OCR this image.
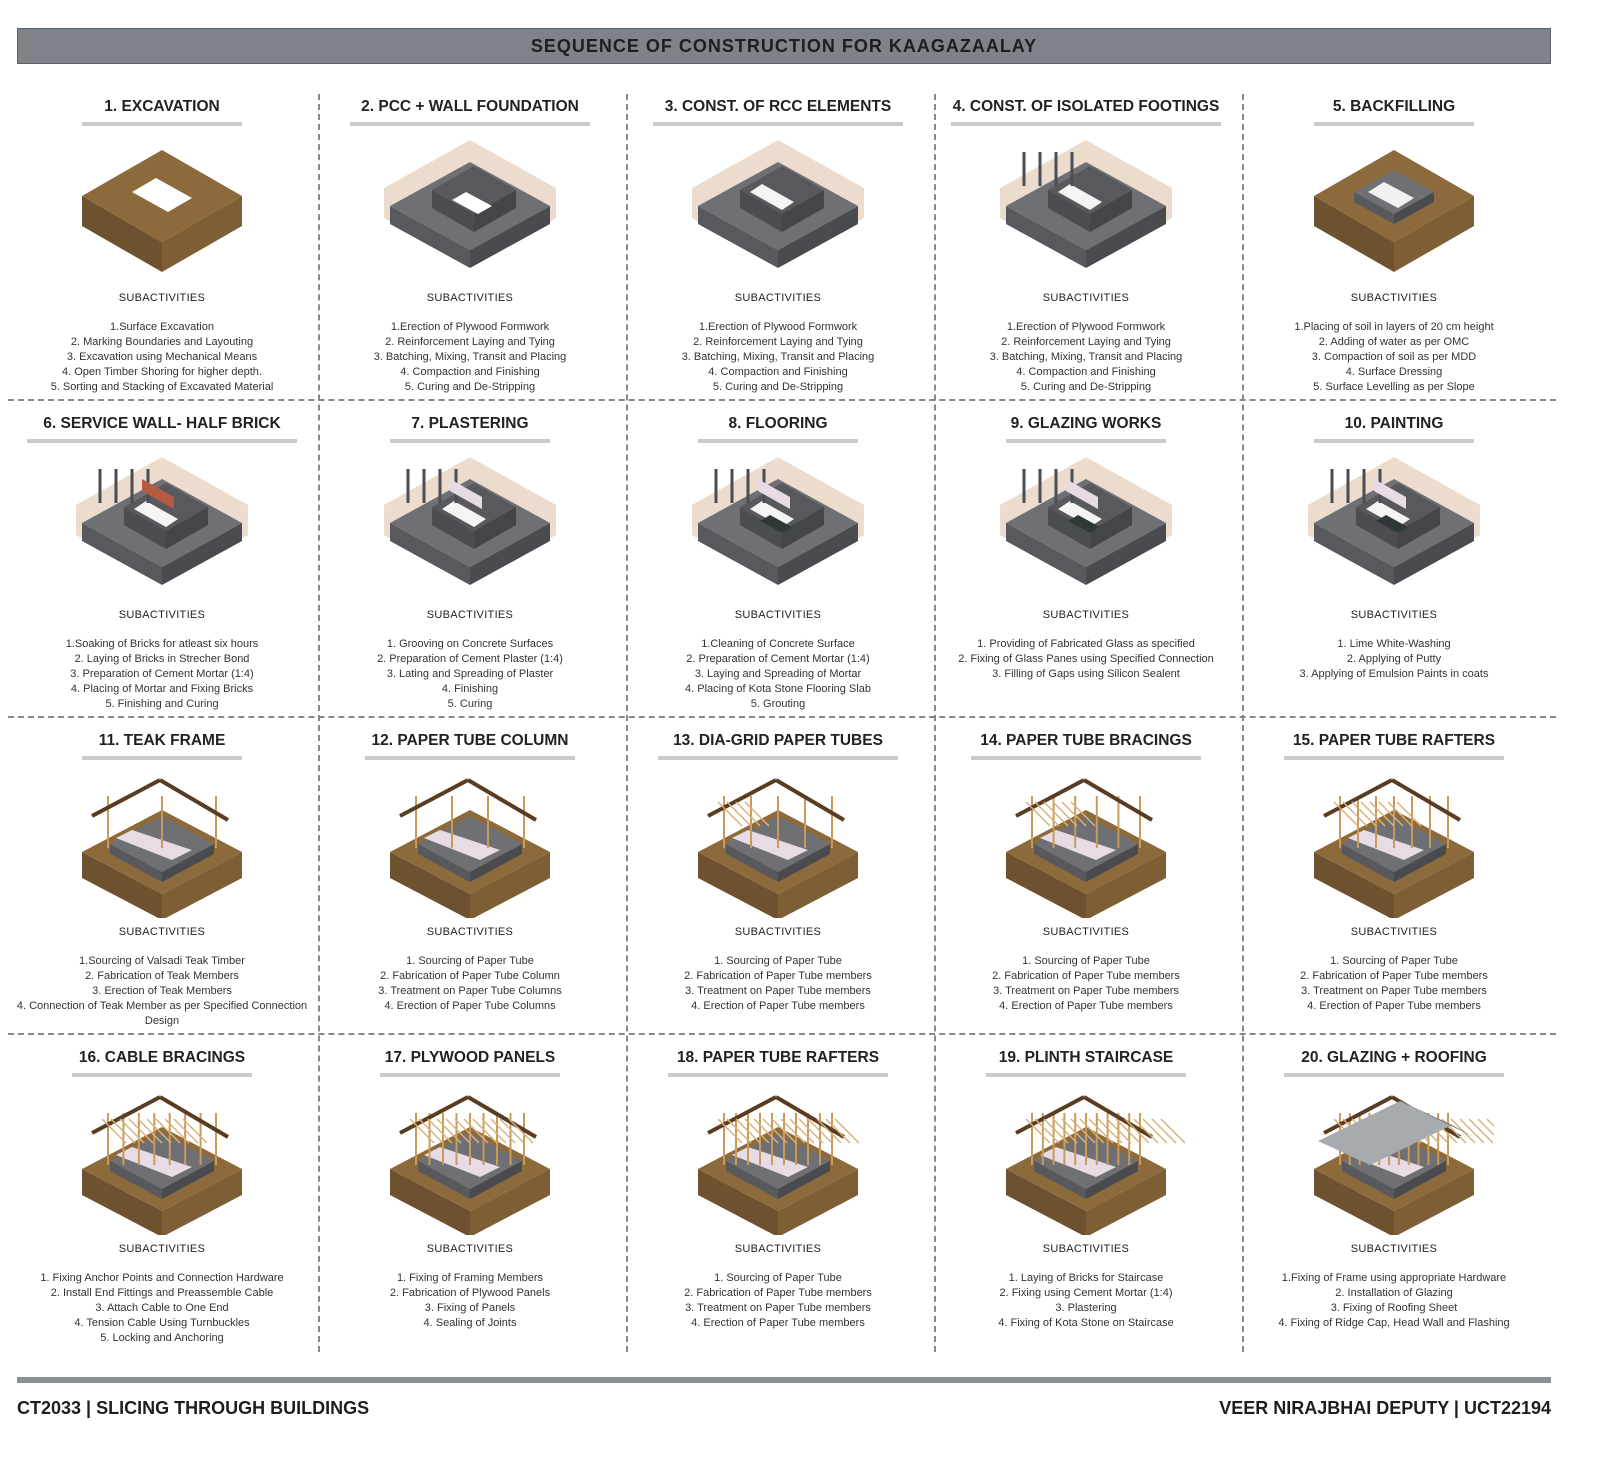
SEQUENCE OF CONSTRUCTION FOR KAAGAZAALAY
1. EXCAVATION
SUBACTIVITIES
1.Surface Excavation
2. Marking Boundaries and Layouting
3. Excavation using Mechanical Means
4. Open Timber Shoring for higher depth.
5. Sorting and Stacking of Excavated Material
2. PCC + WALL FOUNDATION
SUBACTIVITIES
1.Erection of Plywood Formwork
2. Reinforcement Laying and Tying
3. Batching, Mixing, Transit and Placing
4. Compaction and Finishing
5. Curing and De-Stripping
3. CONST. OF RCC ELEMENTS
SUBACTIVITIES
1.Erection of Plywood Formwork
2. Reinforcement Laying and Tying
3. Batching, Mixing, Transit and Placing
4. Compaction and Finishing
5. Curing and De-Stripping
4. CONST. OF ISOLATED FOOTINGS
SUBACTIVITIES
1.Erection of Plywood Formwork
2. Reinforcement Laying and Tying
3. Batching, Mixing, Transit and Placing
4. Compaction and Finishing
5. Curing and De-Stripping
5. BACKFILLING
SUBACTIVITIES
1.Placing of soil in layers of 20 cm height
2. Adding of water as per OMC
3. Compaction of soil as per MDD
4. Surface Dressing
5. Surface Levelling as per Slope
6. SERVICE WALL- HALF BRICK
SUBACTIVITIES
1.Soaking of Bricks for atleast six hours
2. Laying of Bricks in Strecher Bond
3. Preparation of Cement Mortar (1:4)
4. Placing of Mortar and Fixing Bricks
5. Finishing and Curing
7. PLASTERING
SUBACTIVITIES
1. Grooving on Concrete Surfaces
2. Preparation of Cement Plaster (1:4)
3. Lating and Spreading of Plaster
4. Finishing
5. Curing
8. FLOORING
SUBACTIVITIES
1.Cleaning of Concrete Surface
2. Preparation of Cement Mortar (1:4)
3. Laying and Spreading of Mortar
4. Placing of Kota Stone Flooring Slab
5. Grouting
9. GLAZING WORKS
SUBACTIVITIES
1. Providing of Fabricated Glass as specified
2. Fixing of Glass Panes using Specified Connection
3. Filling of Gaps using Silicon Sealent
10. PAINTING
SUBACTIVITIES
1. Lime White-Washing
2. Applying of Putty
3. Applying of Emulsion Paints in coats
11. TEAK FRAME
SUBACTIVITIES
1.Sourcing of Valsadi Teak Timber
2. Fabrication of Teak Members
3. Erection of Teak Members
4. Connection of Teak Member as per Specified Connection Design
12. PAPER TUBE COLUMN
SUBACTIVITIES
1. Sourcing of Paper Tube
2. Fabrication of Paper Tube Column
3. Treatment on Paper Tube Columns
4. Erection of Paper Tube Columns
13. DIA-GRID PAPER TUBES
SUBACTIVITIES
1. Sourcing of Paper Tube
2. Fabrication of Paper Tube members
3. Treatment on Paper Tube members
4. Erection of Paper Tube members
14. PAPER TUBE BRACINGS
SUBACTIVITIES
1. Sourcing of Paper Tube
2. Fabrication of Paper Tube members
3. Treatment on Paper Tube members
4. Erection of Paper Tube members
15. PAPER TUBE RAFTERS
SUBACTIVITIES
1. Sourcing of Paper Tube
2. Fabrication of Paper Tube members
3. Treatment on Paper Tube members
4. Erection of Paper Tube members
16. CABLE BRACINGS
SUBACTIVITIES
1. Fixing Anchor Points and Connection Hardware
2. Install End Fittings and Preassemble Cable
3. Attach Cable to One End
4. Tension Cable Using Turnbuckles
5. Locking and Anchoring
17. PLYWOOD PANELS
SUBACTIVITIES
1. Fixing of Framing Members
2. Fabrication of Plywood Panels
3. Fixing of Panels
4. Sealing of Joints
18. PAPER TUBE RAFTERS
SUBACTIVITIES
1. Sourcing of Paper Tube
2. Fabrication of Paper Tube members
3. Treatment on Paper Tube members
4. Erection of Paper Tube members
19. PLINTH STAIRCASE
SUBACTIVITIES
1. Laying of Bricks for Staircase
2. Fixing using Cement Mortar (1:4)
3. Plastering
4. Fixing of Kota Stone on Staircase
20. GLAZING + ROOFING
SUBACTIVITIES
1.Fixing of Frame using appropriate Hardware
2. Installation of Glazing
3. Fixing of Roofing Sheet
4. Fixing of Ridge Cap, Head Wall and Flashing
CT2033 | SLICING THROUGH BUILDINGS	VEER NIRAJBHAI DEPUTY | UCT22194
